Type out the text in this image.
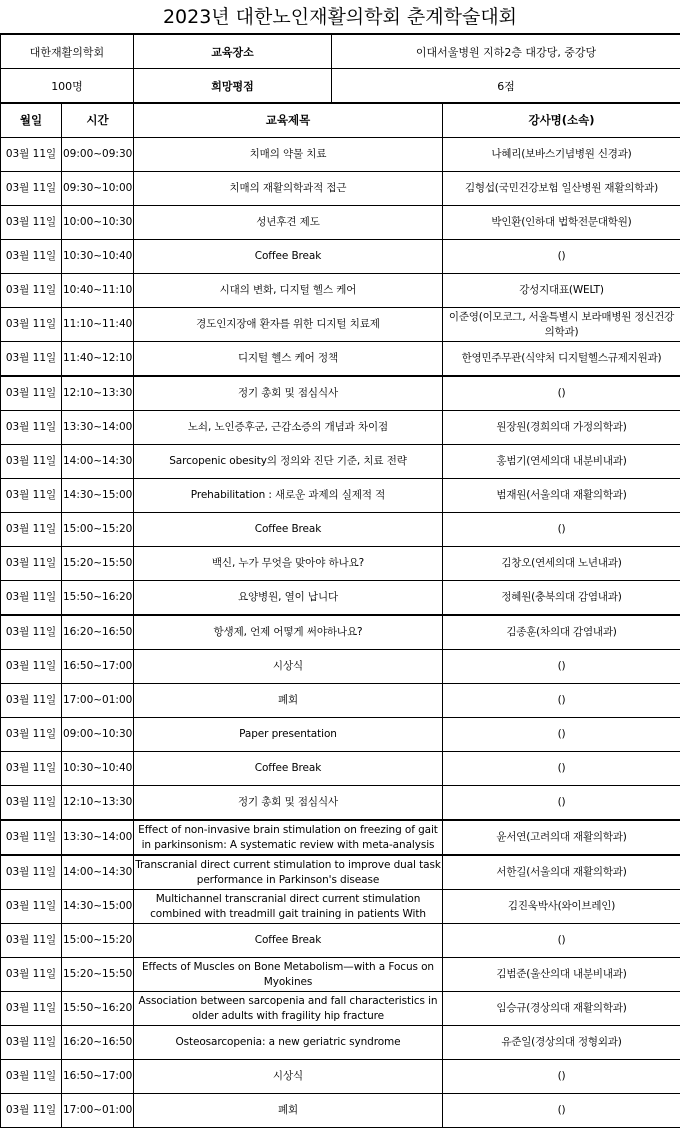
2023년 대한노인재활의학회 춘계학술대회
대한재활의학회	교육장소	이대서울병원 지하2층 대강당, 중강당
100명	희망평점	6점
월일	시간	교육제목	강사명(소속)
03월 11일	09:00~09:30	치매의 약물 치료	나혜리(보바스기념병원 신경과)
03월 11일	09:30~10:00	치매의 재활의학과적 접근	김형섭(국민건강보험 일산병원 재활의학과)
03월 11일	10:00~10:30	성년후견 제도	박인환(인하대 법학전문대학원)
03월 11일	10:30~10:40	Coffee Break	()
03월 11일	10:40~11:10	시대의 변화, 디지털 헬스 케어	강성지대표(WELT)
03월 11일	11:10~11:40	경도인지장애 환자를 위한 디지털 치료제	이준영(이모코그, 서울특별시 보라매병원 정신건강의학과)
03월 11일	11:40~12:10	디지털 헬스 케어 정책	한영민주무관(식약처 디지털헬스규제지원과)
03월 11일	12:10~13:30	정기 총회 및 점심식사	()
03월 11일	13:30~14:00	노쇠, 노인증후군, 근감소증의 개념과 차이점	원장원(경희의대 가정의학과)
03월 11일	14:00~14:30	Sarcopenic obesity의 정의와 진단 기준, 치료 전략	홍범기(연세의대 내분비내과)
03월 11일	14:30~15:00	Prehabilitation : 새로운 과제의 실제적 적	범재원(서울의대 재활의학과)
03월 11일	15:00~15:20	Coffee Break	()
03월 11일	15:20~15:50	백신, 누가 무엇을 맞아야 하나요?	김창오(연세의대 노년내과)
03월 11일	15:50~16:20	요양병원, 열이 납니다	정혜원(충북의대 감염내과)
03월 11일	16:20~16:50	항생제, 언제 어떻게 써야하나요?	김종훈(차의대 감염내과)
03월 11일	16:50~17:00	시상식	()
03월 11일	17:00~01:00	폐회	()
03월 11일	09:00~10:30	Paper presentation	()
03월 11일	10:30~10:40	Coffee Break	()
03월 11일	12:10~13:30	정기 총회 및 점심식사	()
03월 11일	13:30~14:00	Effect of non-invasive brain stimulation on freezing of gait in parkinsonism: A systematic review with meta-analysis	윤서연(고려의대 재활의학과)
03월 11일	14:00~14:30	Transcranial direct current stimulation to improve dual task performance in Parkinson's disease	서한길(서울의대 재활의학과)
03월 11일	14:30~15:00	Multichannel transcranial direct current stimulation combined with treadmill gait training in patients With	김진욱박사(와이브레인)
03월 11일	15:00~15:20	Coffee Break	()
03월 11일	15:20~15:50	Effects of Muscles on Bone Metabolism—with a Focus on Myokines	김범준(울산의대 내분비내과)
03월 11일	15:50~16:20	Association between sarcopenia and fall characteristics in older adults with fragility hip fracture	임승규(경상의대 재활의학과)
03월 11일	16:20~16:50	Osteosarcopenia: a new geriatric syndrome	유준일(경상의대 정형외과)
03월 11일	16:50~17:00	시상식	()
03월 11일	17:00~01:00	폐회	()
